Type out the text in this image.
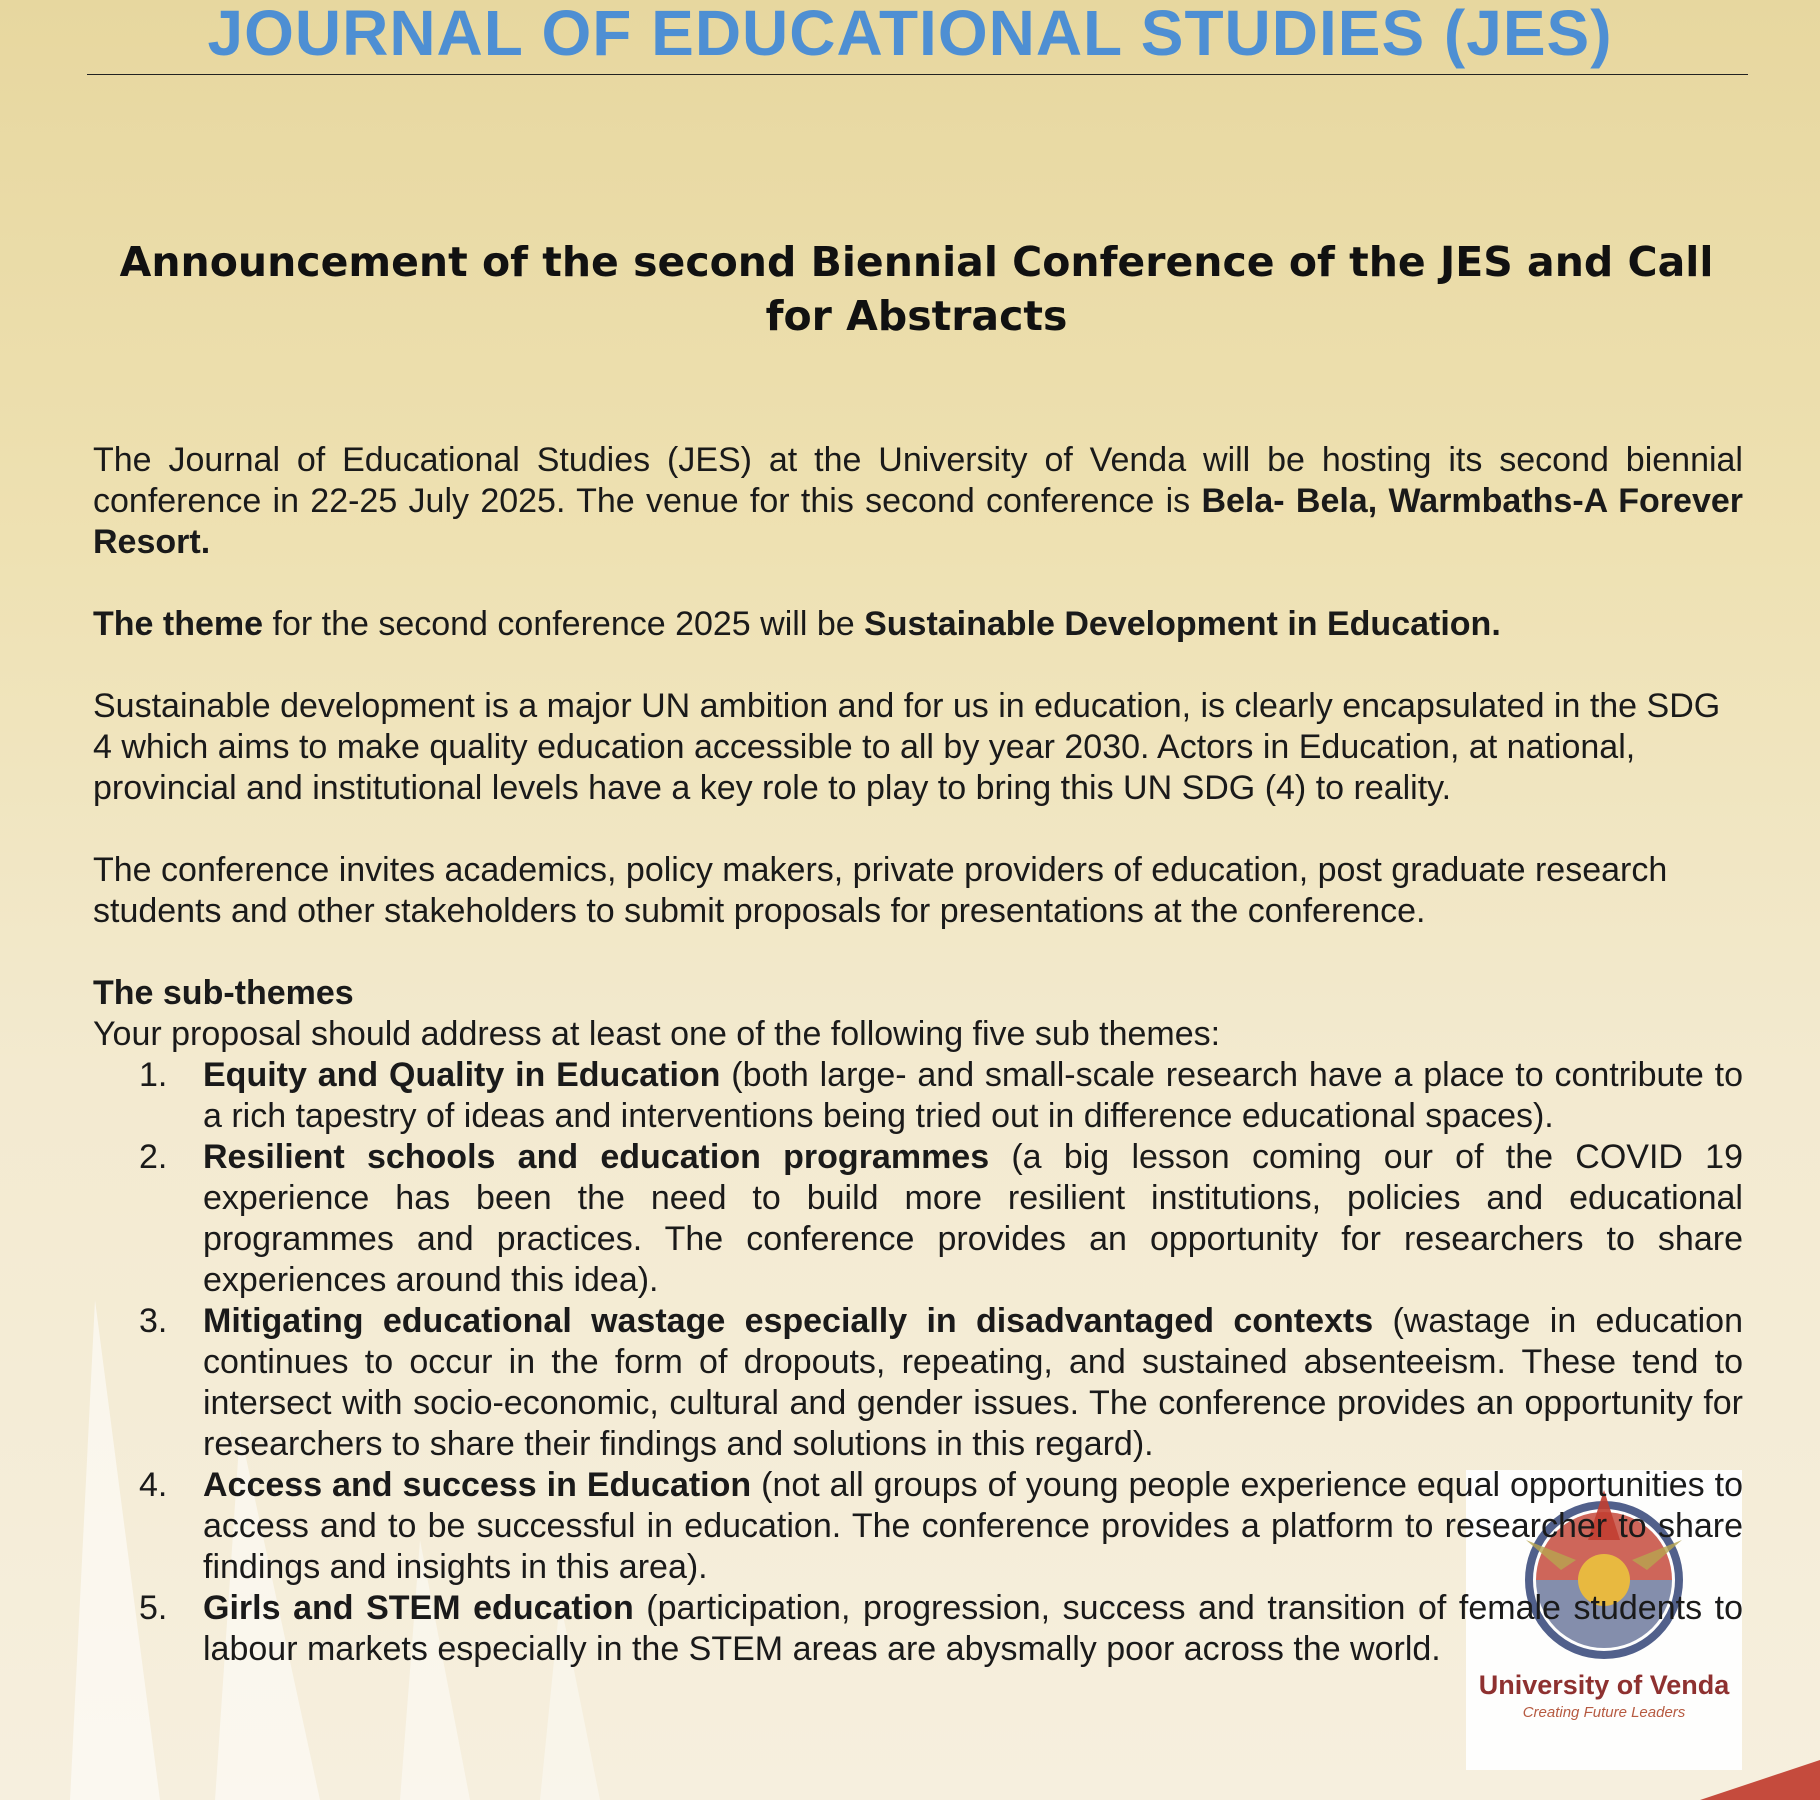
JOURNAL OF EDUCATIONAL STUDIES (JES)
Announcement of the second Biennial Conference of the JES and Call
for Abstracts
University of Venda
Creating Future Leaders

The Journal of Educational Studies (JES) at the University of Venda will be hosting its second biennial conference in 22-25 July 2025. The venue for this second conference is Bela- Bela, Warmbaths-A Forever Resort.

The theme for the second conference 2025 will be Sustainable Development in Education.

Sustainable development is a major UN ambition and for us in education, is clearly encapsulated in the SDG 4 which aims to make quality education accessible to all by year 2030. Actors in Education, at national, provincial and institutional levels have a key role to play to bring this UN SDG (4) to reality.

The conference invites academics, policy makers, private providers of education, post graduate research students and other stakeholders to submit proposals for presentations at the conference.

The sub-themes

Your proposal should address at least one of the following five sub themes:

1. Equity and Quality in Education (both large- and small-scale research have a place to contribute to a rich tapestry of ideas and interventions being tried out in difference educational spaces).
2. Resilient schools and education programmes (a big lesson coming our of the COVID 19 experience has been the need to build more resilient institutions, policies and educational programmes and practices. The conference provides an opportunity for researchers to share experiences around this idea).
3. Mitigating educational wastage especially in disadvantaged contexts (wastage in education continues to occur in the form of dropouts, repeating, and sustained absenteeism. These tend to intersect with socio-economic, cultural and gender issues. The conference provides an opportunity for researchers to share their findings and solutions in this regard).
4. Access and success in Education (not all groups of young people experience equal opportunities to access and to be successful in education. The conference provides a platform to researcher to share findings and insights in this area).
5. Girls and STEM education (participation, progression, success and transition of female students to labour markets especially in the STEM areas are abysmally poor across the world.
